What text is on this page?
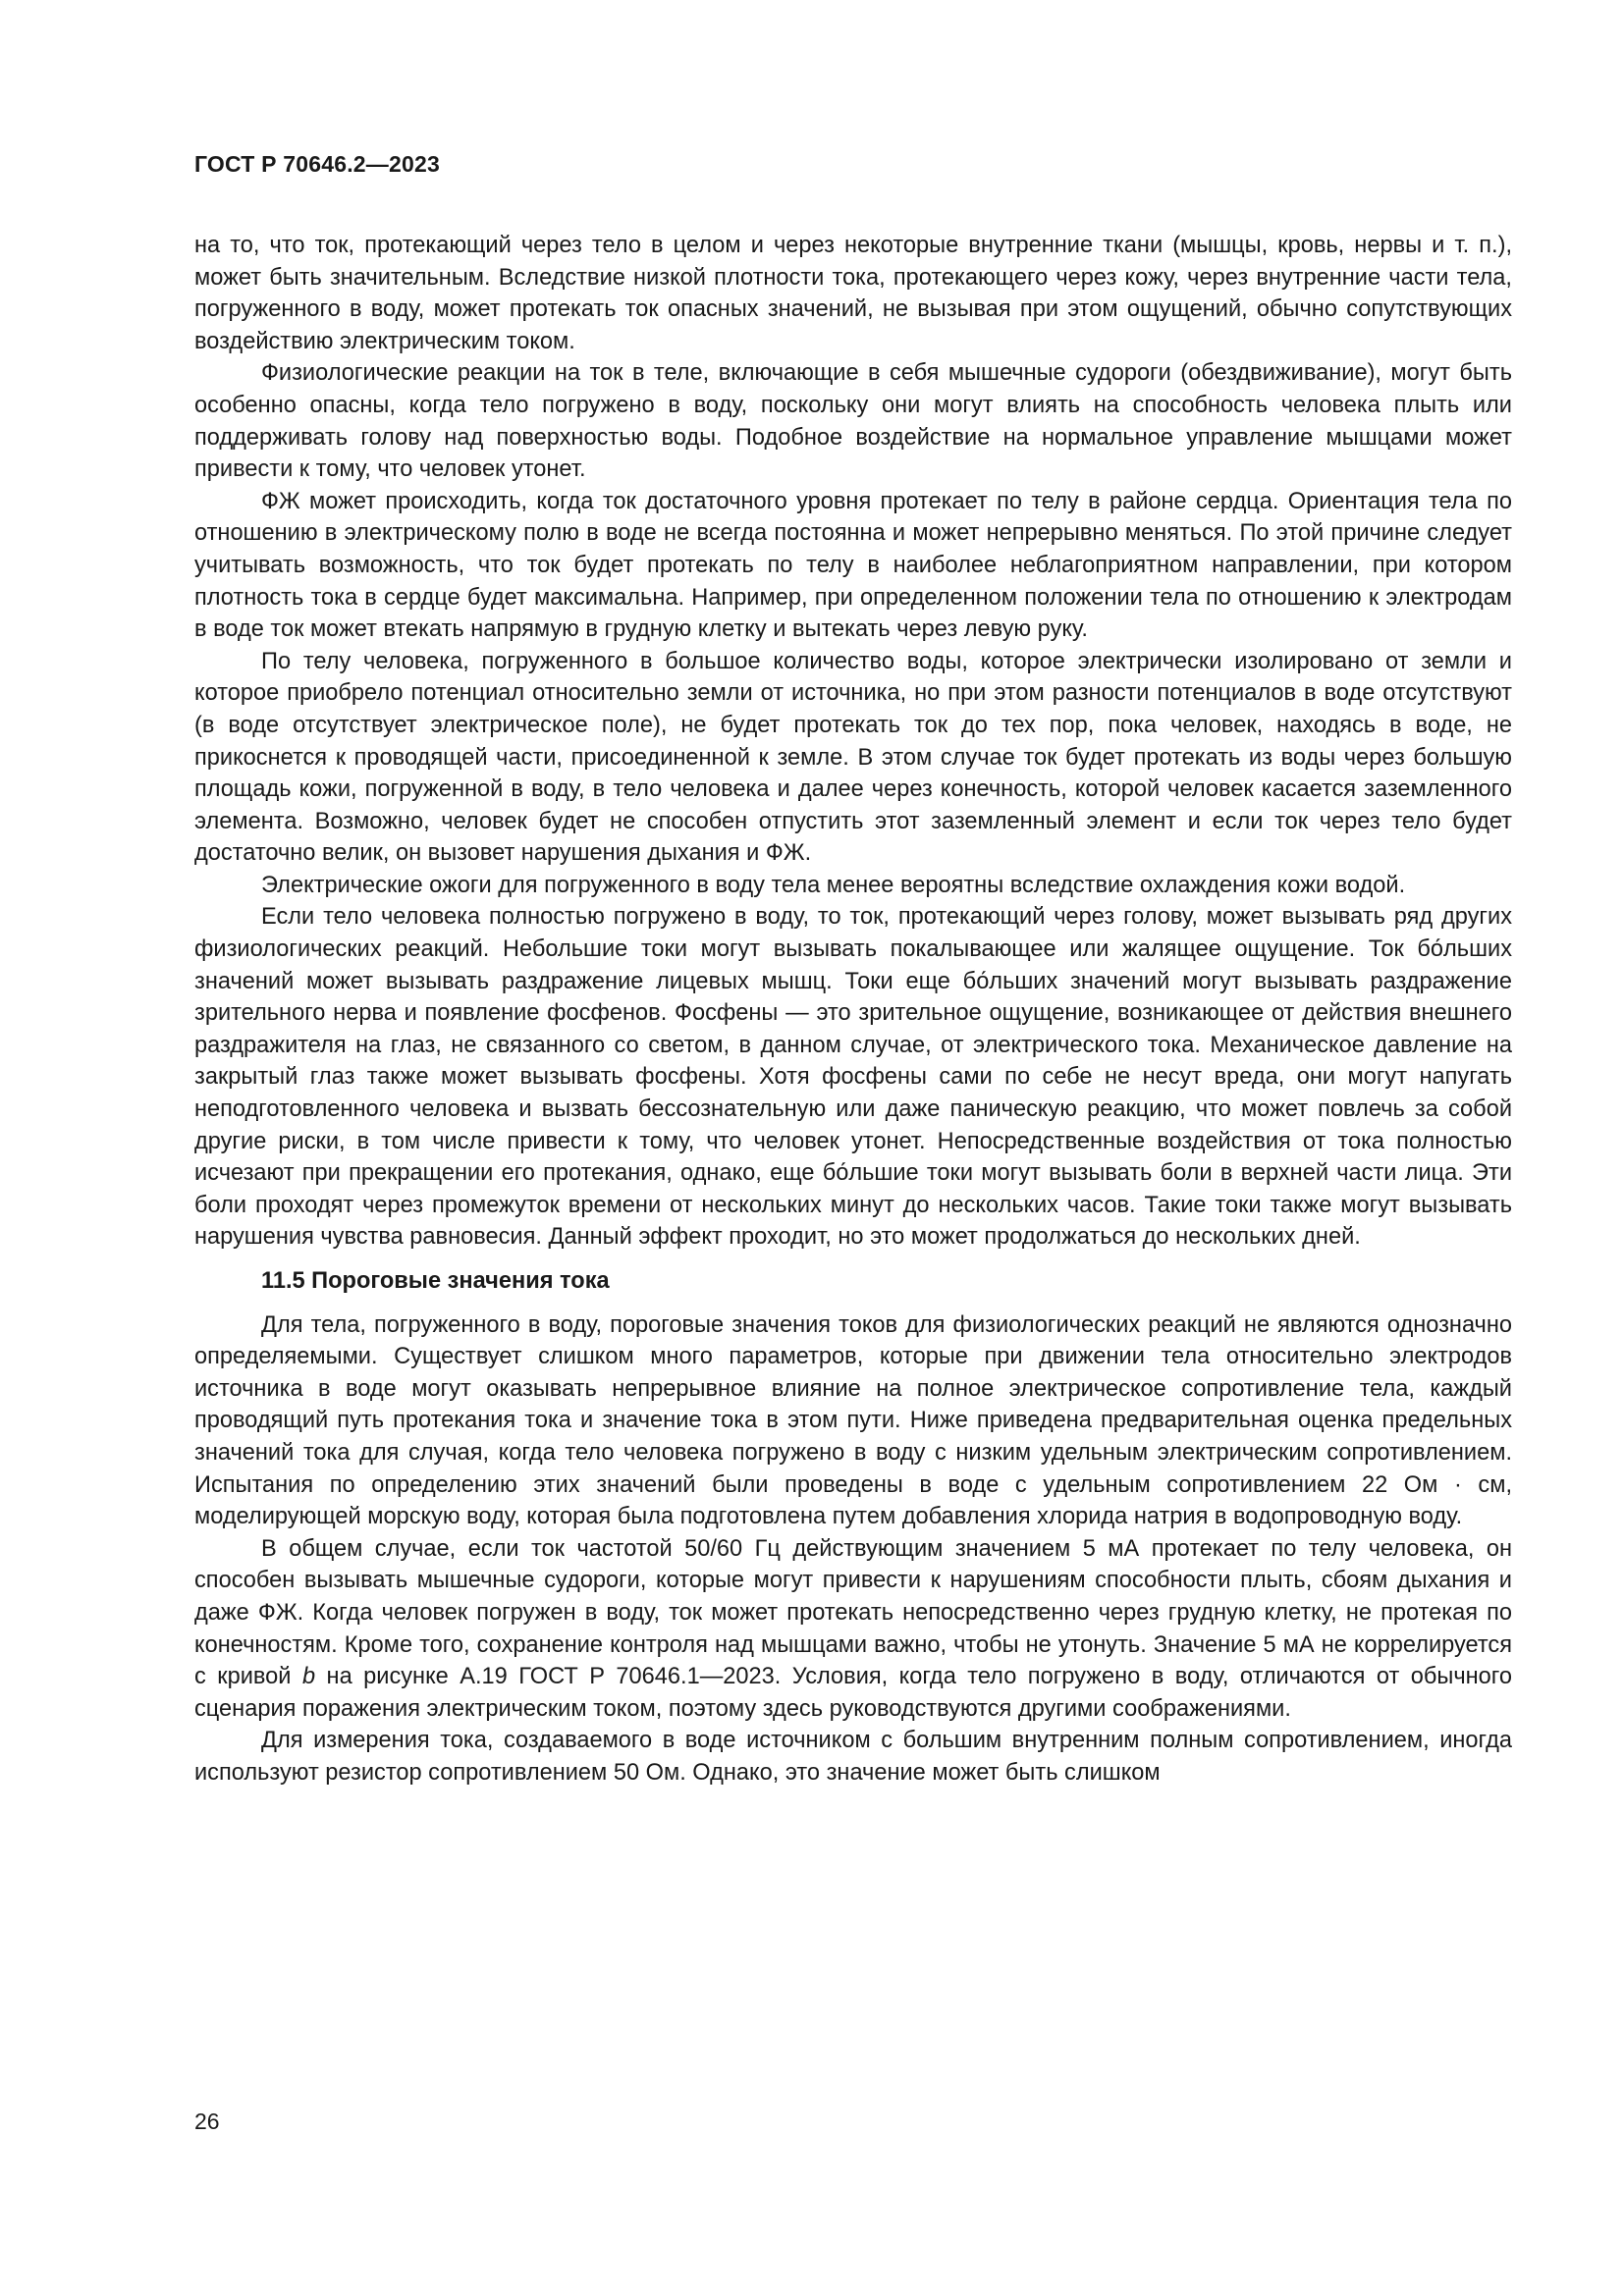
ГОСТ Р 70646.2—2023

на то, что ток, протекающий через тело в целом и через некоторые внутренние ткани (мышцы, кровь, нервы и т. п.), может быть значительным. Вследствие низкой плотности тока, протекающего через кожу, через внутренние части тела, погруженного в воду, может протекать ток опасных значений, не вызывая при этом ощущений, обычно сопутствующих воздействию электрическим током.

Физиологические реакции на ток в теле, включающие в себя мышечные судороги (обездвиживание), могут быть особенно опасны, когда тело погружено в воду, поскольку они могут влиять на способность человека плыть или поддерживать голову над поверхностью воды. Подобное воздействие на нормальное управление мышцами может привести к тому, что человек утонет.

ФЖ может происходить, когда ток достаточного уровня протекает по телу в районе сердца. Ориентация тела по отношению в электрическому полю в воде не всегда постоянна и может непрерывно меняться. По этой причине следует учитывать возможность, что ток будет протекать по телу в наиболее неблагоприятном направлении, при котором плотность тока в сердце будет максимальна. Например, при определенном положении тела по отношению к электродам в воде ток может втекать напрямую в грудную клетку и вытекать через левую руку.

По телу человека, погруженного в большое количество воды, которое электрически изолировано от земли и которое приобрело потенциал относительно земли от источника, но при этом разности потенциалов в воде отсутствуют (в воде отсутствует электрическое поле), не будет протекать ток до тех пор, пока человек, находясь в воде, не прикоснется к проводящей части, присоединенной к земле. В этом случае ток будет протекать из воды через большую площадь кожи, погруженной в воду, в тело человека и далее через конечность, которой человек касается заземленного элемента. Возможно, человек будет не способен отпустить этот заземленный элемент и если ток через тело будет достаточно велик, он вызовет нарушения дыхания и ФЖ.

Электрические ожоги для погруженного в воду тела менее вероятны вследствие охлаждения кожи водой.

Если тело человека полностью погружено в воду, то ток, протекающий через голову, может вызывать ряд других физиологических реакций. Небольшие токи могут вызывать покалывающее или жалящее ощущение. Ток бо́льших значений может вызывать раздражение лицевых мышц. Токи еще бо́льших значений могут вызывать раздражение зрительного нерва и появление фосфенов. Фосфены — это зрительное ощущение, возникающее от действия внешнего раздражителя на глаз, не связанного со светом, в данном случае, от электрического тока. Механическое давление на закрытый глаз также может вызывать фосфены. Хотя фосфены сами по себе не несут вреда, они могут напугать неподготовленного человека и вызвать бессознательную или даже паническую реакцию, что может повлечь за собой другие риски, в том числе привести к тому, что человек утонет. Непосредственные воздействия от тока полностью исчезают при прекращении его протекания, однако, еще бо́льшие токи могут вызывать боли в верхней части лица. Эти боли проходят через промежуток времени от нескольких минут до нескольких часов. Такие токи также могут вызывать нарушения чувства равновесия. Данный эффект проходит, но это может продолжаться до нескольких дней.

11.5 Пороговые значения тока

Для тела, погруженного в воду, пороговые значения токов для физиологических реакций не являются однозначно определяемыми. Существует слишком много параметров, которые при движении тела относительно электродов источника в воде могут оказывать непрерывное влияние на полное электрическое сопротивление тела, каждый проводящий путь протекания тока и значение тока в этом пути. Ниже приведена предварительная оценка предельных значений тока для случая, когда тело человека погружено в воду с низким удельным электрическим сопротивлением. Испытания по определению этих значений были проведены в воде с удельным сопротивлением 22 Ом · см, моделирующей морскую воду, которая была подготовлена путем добавления хлорида натрия в водопроводную воду.

В общем случае, если ток частотой 50/60 Гц действующим значением 5 мА протекает по телу человека, он способен вызывать мышечные судороги, которые могут привести к нарушениям способности плыть, сбоям дыхания и даже ФЖ. Когда человек погружен в воду, ток может протекать непосредственно через грудную клетку, не протекая по конечностям. Кроме того, сохранение контроля над мышцами важно, чтобы не утонуть. Значение 5 мА не коррелируется с кривой b на рисунке А.19 ГОСТ Р 70646.1—2023. Условия, когда тело погружено в воду, отличаются от обычного сценария поражения электрическим током, поэтому здесь руководствуются другими соображениями.

Для измерения тока, создаваемого в воде источником с большим внутренним полным сопротивлением, иногда используют резистор сопротивлением 50 Ом. Однако, это значение может быть слишком

26
